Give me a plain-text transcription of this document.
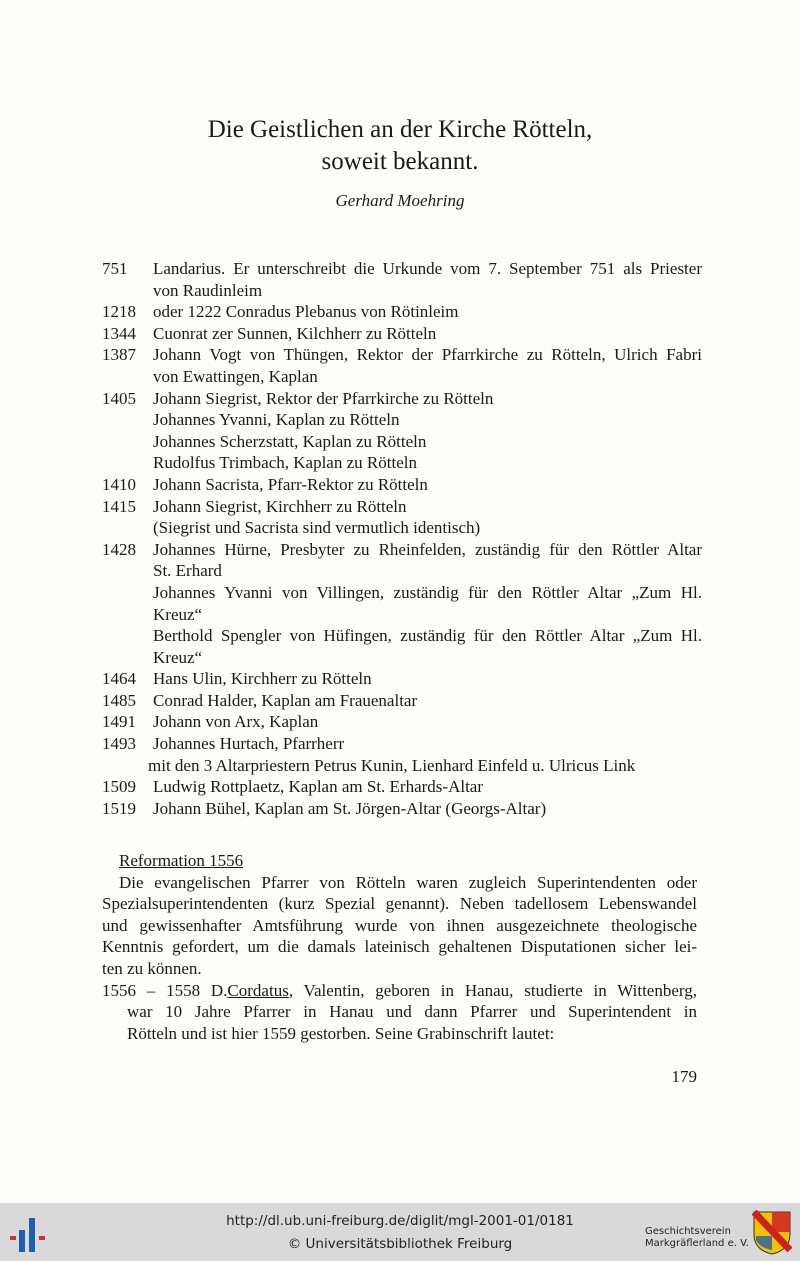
Die Geistlichen an der Kirche Rötteln,
soweit bekannt.
Gerhard Moehring
751	Landarius. Er unterschreibt die Urkunde vom 7. September 751 als Priester
von Raudinleim
1218	oder 1222 Conradus Plebanus von Rötinleim
1344	Cuonrat zer Sunnen, Kilchherr zu Rötteln
1387	Johann Vogt von Thüngen, Rektor der Pfarrkirche zu Rötteln, Ulrich Fabri
von Ewattingen, Kaplan
1405	Johann Siegrist, Rektor der Pfarrkirche zu Rötteln
Johannes Yvanni, Kaplan zu Rötteln
Johannes Scherzstatt, Kaplan zu Rötteln
Rudolfus Trimbach, Kaplan zu Rötteln
1410	Johann Sacrista, Pfarr-Rektor zu Rötteln
1415	Johann Siegrist, Kirchherr zu Rötteln
(Siegrist und Sacrista sind vermutlich identisch)
1428	Johannes Hürne, Presbyter zu Rheinfelden, zuständig für den Röttler Altar
St. Erhard
Johannes Yvanni von Villingen, zuständig für den Röttler Altar „Zum Hl.
Kreuz“
Berthold Spengler von Hüfingen, zuständig für den Röttler Altar „Zum Hl.
Kreuz“
1464	Hans Ulin, Kirchherr zu Rötteln
1485	Conrad Halder, Kaplan am Frauenaltar
1491	Johann von Arx, Kaplan
1493	Johannes Hurtach, Pfarrherr
mit den 3 Altarpriestern Petrus Kunin, Lienhard Einfeld u. Ulricus Link
1509	Ludwig Rottplaetz, Kaplan am St. Erhards-Altar
1519	Johann Bühel, Kaplan am St. Jörgen-Altar (Georgs-Altar)
Reformation 1556
Die evangelischen Pfarrer von Rötteln waren zugleich Superintendenten oder
Spezialsuperintendenten (kurz Spezial genannt). Neben tadellosem Lebenswandel
und gewissenhafter Amtsführung wurde von ihnen ausgezeichnete theologische
Kenntnis gefordert, um die damals lateinisch gehaltenen Disputationen sicher lei-
ten zu können.
1556 – 1558 D.Cordatus, Valentin, geboren in Hanau, studierte in Wittenberg,
war 10 Jahre Pfarrer in Hanau und dann Pfarrer und Superintendent in
Rötteln und ist hier 1559 gestorben. Seine Grabinschrift lautet:
179
http://dl.ub.uni-freiburg.de/diglit/mgl-2001-01/0181
© Universitätsbibliothek Freiburg
Geschichtsverein
Markgräflerland e. V.
